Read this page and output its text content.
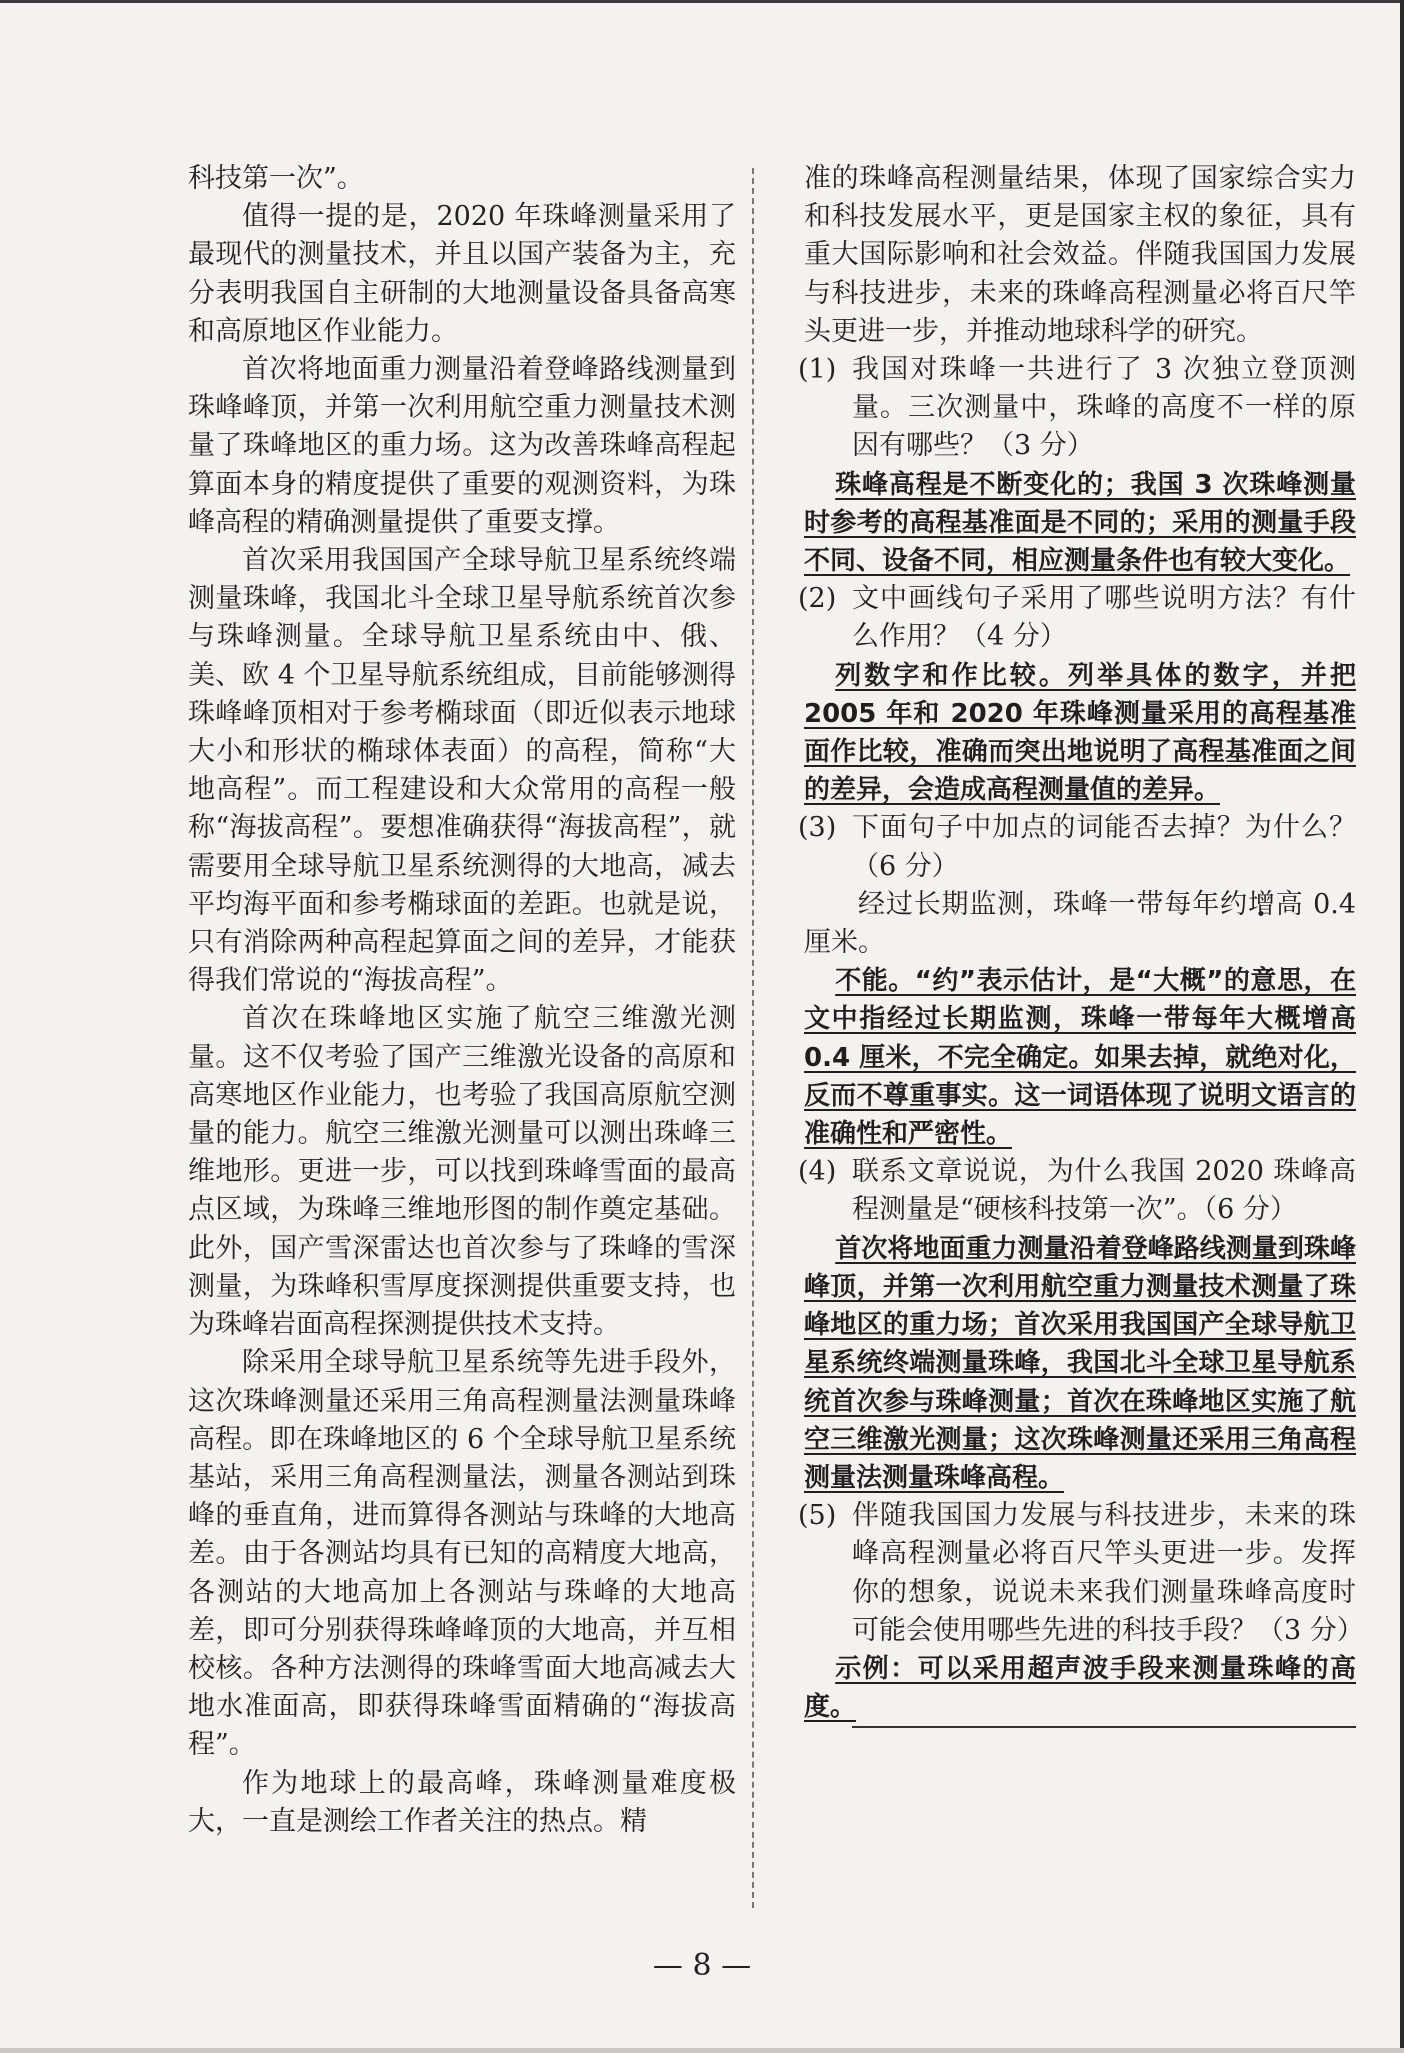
科技第一次”。

值得一提的是，2020 年珠峰测量采用了最现代的测量技术，并且以国产装备为主，充分表明我国自主研制的大地测量设备具备高寒和高原地区作业能力。

首次将地面重力测量沿着登峰路线测量到珠峰峰顶，并第一次利用航空重力测量技术测量了珠峰地区的重力场。这为改善珠峰高程起算面本身的精度提供了重要的观测资料，为珠峰高程的精确测量提供了重要支撑。

首次采用我国国产全球导航卫星系统终端测量珠峰，我国北斗全球卫星导航系统首次参与珠峰测量。全球导航卫星系统由中、俄、美、欧 4 个卫星导航系统组成，目前能够测得珠峰峰顶相对于参考椭球面（即近似表示地球大小和形状的椭球体表面）的高程，简称“大地高程”。而工程建设和大众常用的高程一般称“海拔高程”。要想准确获得“海拔高程”，就需要用全球导航卫星系统测得的大地高，减去平均海平面和参考椭球面的差距。也就是说，只有消除两种高程起算面之间的差异，才能获得我们常说的“海拔高程”。

首次在珠峰地区实施了航空三维激光测量。这不仅考验了国产三维激光设备的高原和高寒地区作业能力，也考验了我国高原航空测量的能力。航空三维激光测量可以测出珠峰三维地形。更进一步，可以找到珠峰雪面的最高点区域，为珠峰三维地形图的制作奠定基础。此外，国产雪深雷达也首次参与了珠峰的雪深测量，为珠峰积雪厚度探测提供重要支持，也为珠峰岩面高程探测提供技术支持。

除采用全球导航卫星系统等先进手段外，这次珠峰测量还采用三角高程测量法测量珠峰高程。即在珠峰地区的 6 个全球导航卫星系统基站，采用三角高程测量法，测量各测站到珠峰的垂直角，进而算得各测站与珠峰的大地高差。由于各测站均具有已知的高精度大地高，各测站的大地高加上各测站与珠峰的大地高差，即可分别获得珠峰峰顶的大地高，并互相校核。各种方法测得的珠峰雪面大地高减去大地水准面高，即获得珠峰雪面精确的“海拔高程”。

作为地球上的最高峰，珠峰测量难度极大，一直是测绘工作者关注的热点。精

准的珠峰高程测量结果，体现了国家综合实力和科技发展水平，更是国家主权的象征，具有重大国际影响和社会效益。伴随我国国力发展与科技进步，未来的珠峰高程测量必将百尺竿头更进一步，并推动地球科学的研究。

(1) 我国对珠峰一共进行了 3 次独立登顶测量。三次测量中，珠峰的高度不一样的原因有哪些？（3 分）

珠峰高程是不断变化的；我国 3 次珠峰测量时参考的高程基准面是不同的；采用的测量手段不同、设备不同，相应测量条件也有较大变化。

(2) 文中画线句子采用了哪些说明方法？有什么作用？（4 分）

列数字和作比较。列举具体的数字，并把 2005 年和 2020 年珠峰测量采用的高程基准面作比较，准确而突出地说明了高程基准面之间的差异，会造成高程测量值的差异。

(3) 下面句子中加点的词能否去掉？为什么？（6 分）

经过长期监测，珠峰一带每年约增高 0.4 厘米。

不能。“约”表示估计，是“大概”的意思，在文中指经过长期监测，珠峰一带每年大概增高 0.4 厘米，不完全确定。如果去掉，就绝对化，反而不尊重事实。这一词语体现了说明文语言的准确性和严密性。

(4) 联系文章说说，为什么我国 2020 珠峰高程测量是“硬核科技第一次”。（6 分）

首次将地面重力测量沿着登峰路线测量到珠峰峰顶，并第一次利用航空重力测量技术测量了珠峰地区的重力场；首次采用我国国产全球导航卫星系统终端测量珠峰，我国北斗全球卫星导航系统首次参与珠峰测量；首次在珠峰地区实施了航空三维激光测量；这次珠峰测量还采用三角高程测量法测量珠峰高程。

(5) 伴随我国国力发展与科技进步，未来的珠峰高程测量必将百尺竿头更进一步。发挥你的想象，说说未来我们测量珠峰高度时可能会使用哪些先进的科技手段？（3 分）

示例：可以采用超声波手段来测量珠峰的高度。

— 8 —
